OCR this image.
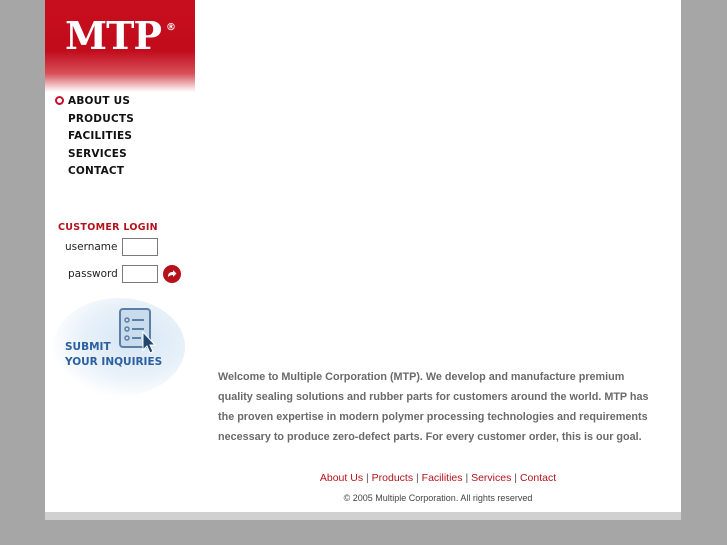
MTP ®
ABOUT US
PRODUCTS
FACILITIES
SERVICES
CONTACT
CUSTOMER LOGIN
username
password
SUBMIT
YOUR INQUIRIES
Welcome to Multiple Corporation (MTP). We develop and manufacture premium quality sealing solutions and rubber parts for customers around the world. MTP has the proven expertise in modern polymer processing technologies and requirements necessary to produce zero-defect parts. For every customer order, this is our goal.
About Us | Products | Facilities | Services | Contact
© 2005 Multiple Corporation. All rights reserved
